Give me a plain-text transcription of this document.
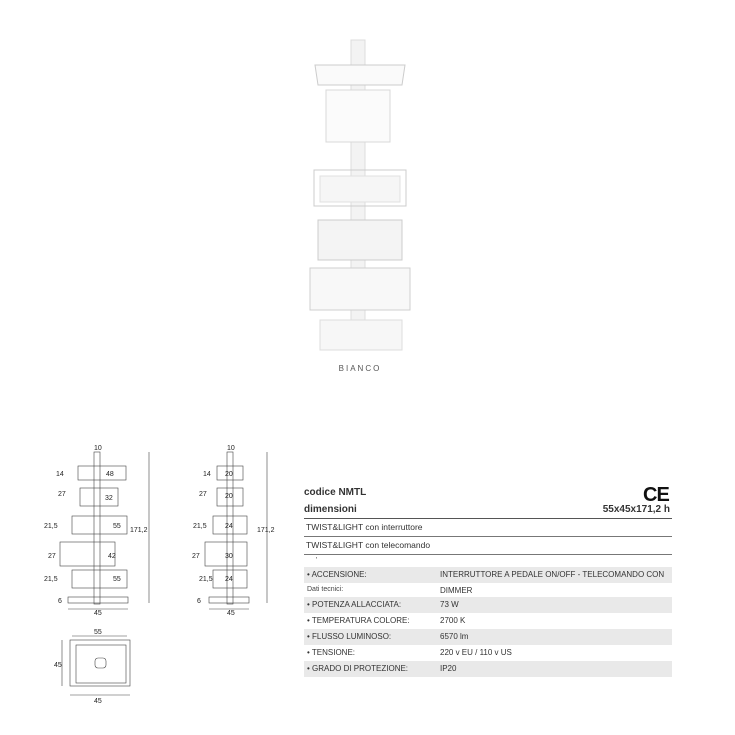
BIANCO
10
48
32
55
42
55
14
27
21,5
27
21,5
171,2
6
45
10
20
20
24
30
24
14
27
21,5
27
21,5
171,2
6
45
55
45
45
CE
codice NMTL
dimensioni	55x45x171,2 h
TWIST&LIGHT con interruttore
TWIST&LIGHT con telecomando
'
• ACCENSIONE:	INTERRUTTORE A PEDALE ON/OFF - TELECOMANDO CON DIMMER
Dati tecnici:
• POTENZA ALLACCIATA:	73 W
• TEMPERATURA COLORE:	2700 K
• FLUSSO LUMINOSO:	6570 lm
• TENSIONE:	220 v EU / 110 v US
• GRADO DI PROTEZIONE:	IP20
